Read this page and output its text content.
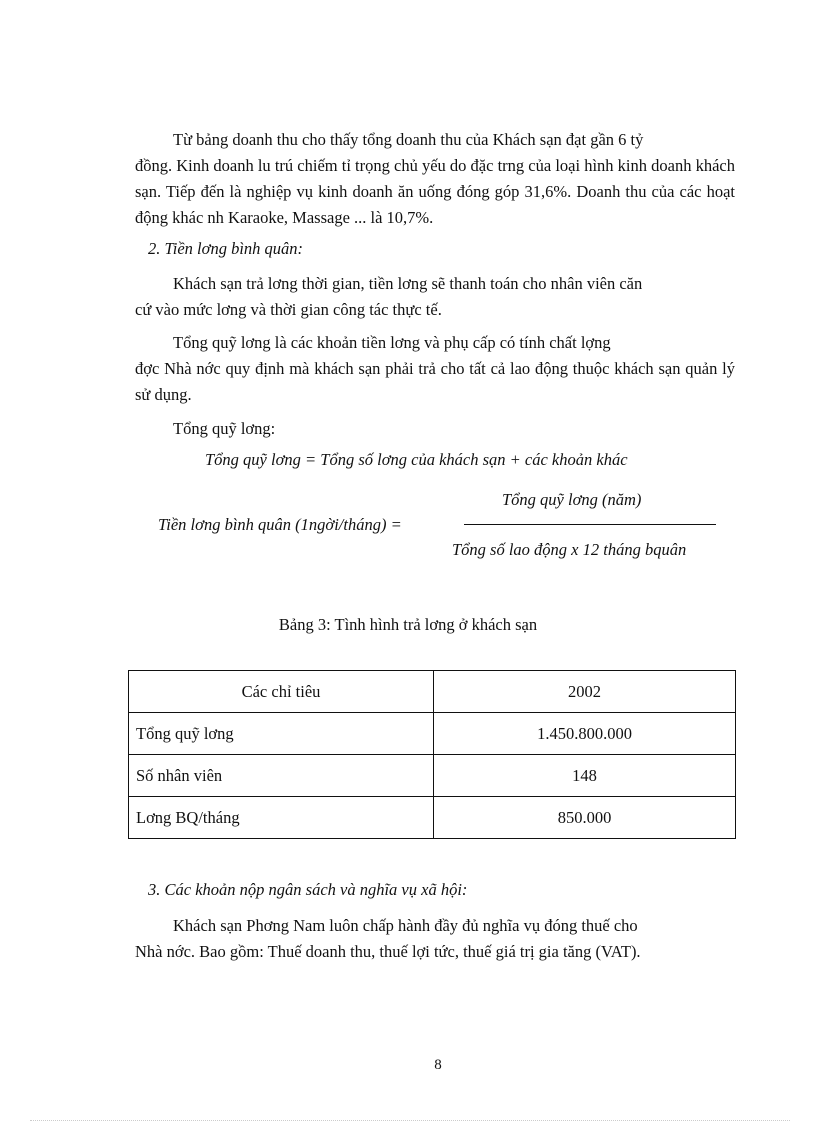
Từ bảng doanh thu cho thấy tổng doanh thu của Khách sạn đạt gần 6 tỷ
đồng. Kinh doanh lu trú chiếm tỉ trọng chủ yếu do đặc trng của loại hình kinh doanh khách sạn. Tiếp đến là nghiệp vụ kinh doanh ăn uống đóng góp 31,6%. Doanh thu của các hoạt động khác nh Karaoke, Massage ... là 10,7%.

2. Tiền lơng bình quân:

Khách sạn trả lơng thời gian, tiền lơng sẽ thanh toán cho nhân viên căn
cứ vào mức lơng và thời gian công tác thực tế.

Tổng quỹ lơng là các khoản tiền lơng và phụ cấp có tính chất lợng
đợc Nhà nớc quy định mà khách sạn phải trả cho tất cả lao động thuộc khách sạn quản lý sử dụng.

Tổng quỹ lơng:

Tổng quỹ lơng = Tổng số lơng của khách sạn + các khoản khác
Tiền lơng bình quân (1ngời/tháng) =
Tổng quỹ lơng (năm)
Tổng số lao động x 12 tháng bquân
Bảng 3: Tình hình trả lơng ở khách sạn
Các chỉ tiêu	2002
Tổng quỹ lơng	1.450.800.000
Số nhân viên	148
Lơng BQ/tháng	850.000

3. Các khoản nộp ngân sách và nghĩa vụ xã hội:

Khách sạn Phơng Nam luôn chấp hành đầy đủ nghĩa vụ đóng thuế cho
Nhà nớc. Bao gồm: Thuế doanh thu, thuế lợi tức, thuế giá trị gia tăng (VAT).

8
